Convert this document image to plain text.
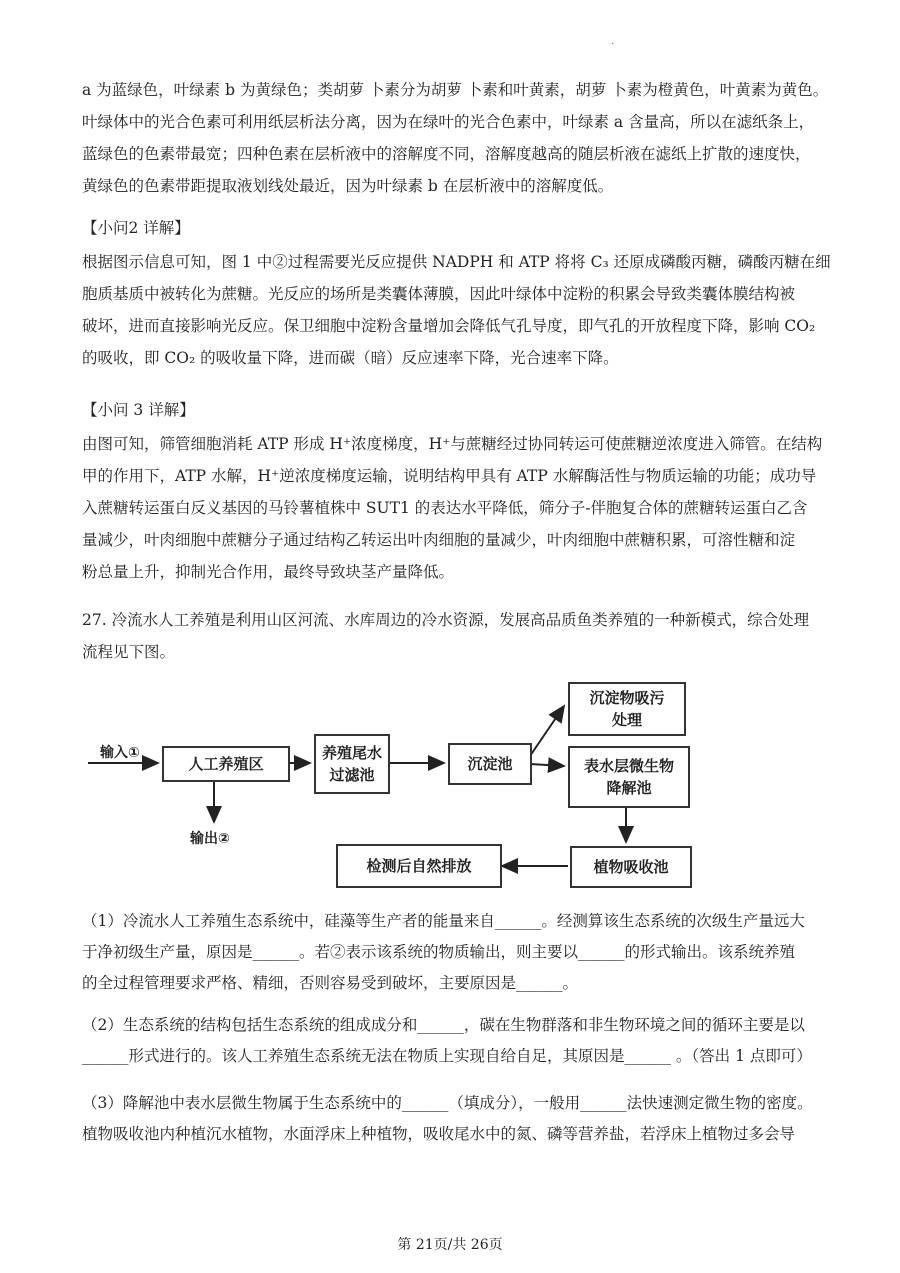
.
a 为蓝绿色，叶绿素 b 为黄绿色；类胡萝 卜素分为胡萝 卜素和叶黄素，胡萝 卜素为橙黄色，叶黄素为黄色。
叶绿体中的光合色素可利用纸层析法分离，因为在绿叶的光合色素中，叶绿素 a 含量高，所以在滤纸条上，
蓝绿色的色素带最宽；四种色素在层析液中的溶解度不同，溶解度越高的随层析液在滤纸上扩散的速度快，
黄绿色的色素带距提取液划线处最近，因为叶绿素 b 在层析液中的溶解度低。
【小问2 详解】
根据图示信息可知，图 1 中②过程需要光反应提供 NADPH 和 ATP 将将 C₃ 还原成磷酸丙糖，磷酸丙糖在细
胞质基质中被转化为蔗糖。光反应的场所是类囊体薄膜，因此叶绿体中淀粉的积累会导致类囊体膜结构被
破坏，进而直接影响光反应。保卫细胞中淀粉含量增加会降低气孔导度，即气孔的开放程度下降，影响 CO₂
的吸收，即 CO₂ 的吸收量下降，进而碳（暗）反应速率下降，光合速率下降。
【小问 3 详解】
由图可知，筛管细胞消耗 ATP 形成 H⁺浓度梯度，H⁺与蔗糖经过协同转运可使蔗糖逆浓度进入筛管。在结构
甲的作用下，ATP 水解，H⁺逆浓度梯度运输，说明结构甲具有 ATP 水解酶活性与物质运输的功能；成功导
入蔗糖转运蛋白反义基因的马铃薯植株中 SUT1 的表达水平降低，筛分子-伴胞复合体的蔗糖转运蛋白乙含
量减少，叶肉细胞中蔗糖分子通过结构乙转运出叶肉细胞的量减少，叶肉细胞中蔗糖积累，可溶性糖和淀
粉总量上升，抑制光合作用，最终导致块茎产量降低。
27. 冷流水人工养殖是利用山区河流、水库周边的冷水资源，发展高品质鱼类养殖的一种新模式，综合处理
流程见下图。
输入①
输出②
人工养殖区
养殖尾水
过滤池
沉淀池
沉淀物吸污
处理
表水层微生物
降解池
植物吸收池
检测后自然排放
（1）冷流水人工养殖生态系统中，硅藻等生产者的能量来自______。经测算该生态系统的次级生产量远大
于净初级生产量，原因是______。若②表示该系统的物质输出，则主要以______的形式输出。该系统养殖
的全过程管理要求严格、精细，否则容易受到破坏，主要原因是______。
（2）生态系统的结构包括生态系统的组成成分和______，碳在生物群落和非生物环境之间的循环主要是以
______形式进行的。该人工养殖生态系统无法在物质上实现自给自足，其原因是______ 。（答出 1 点即可）
（3）降解池中表水层微生物属于生态系统中的______（填成分），一般用______法快速测定微生物的密度。
植物吸收池内种植沉水植物，水面浮床上种植物，吸收尾水中的氮、磷等营养盐，若浮床上植物过多会导
第 21页/共 26页
